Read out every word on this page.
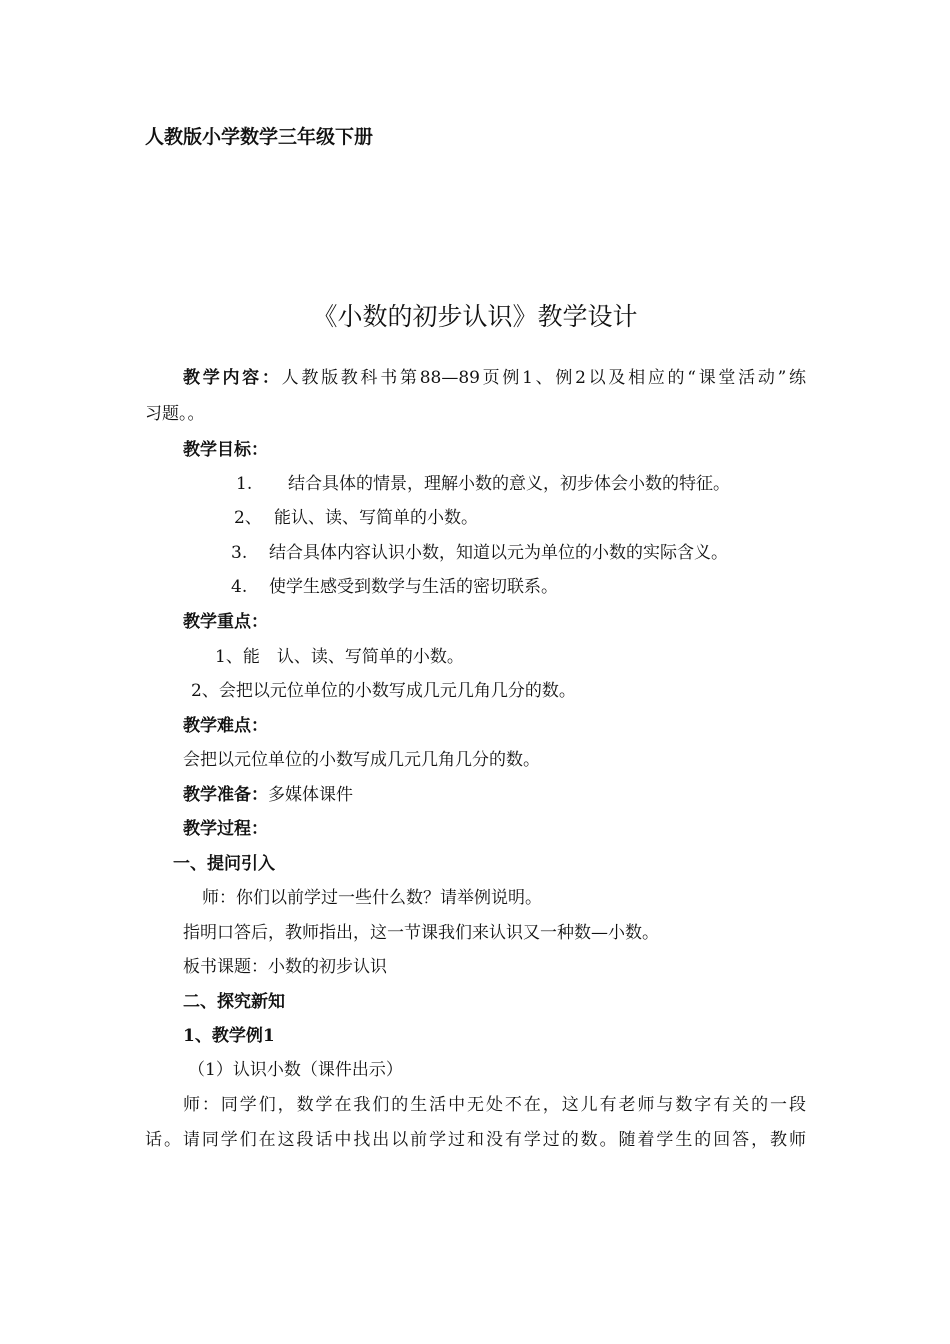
人教版小学数学三年级下册
《小数的初步认识》教学设计
教学内容：人教版教科书第88—89页例1、例2以及相应的“课堂活动”练
习题。。
教学目标：
1. 结合具体的情景，理解小数的意义，初步体会小数的特征。
2、 能认、读、写简单的小数。
3. 结合具体内容认识小数，知道以元为单位的小数的实际含义。
4. 使学生感受到数学与生活的密切联系。
教学重点：
1、能　认、读、写简单的小数。
2、会把以元位单位的小数写成几元几角几分的数。
教学难点：
会把以元位单位的小数写成几元几角几分的数。
教学准备：多媒体课件
教学过程：
一、提问引入
师：你们以前学过一些什么数？请举例说明。
指明口答后，教师指出，这一节课我们来认识又一种数—小数。
板书课题：小数的初步认识
二、探究新知
1、教学例1
（1）认识小数（课件出示）
师：同学们，数学在我们的生活中无处不在，这儿有老师与数字有关的一段
话。请同学们在这段话中找出以前学过和没有学过的数。随着学生的回答，教师
